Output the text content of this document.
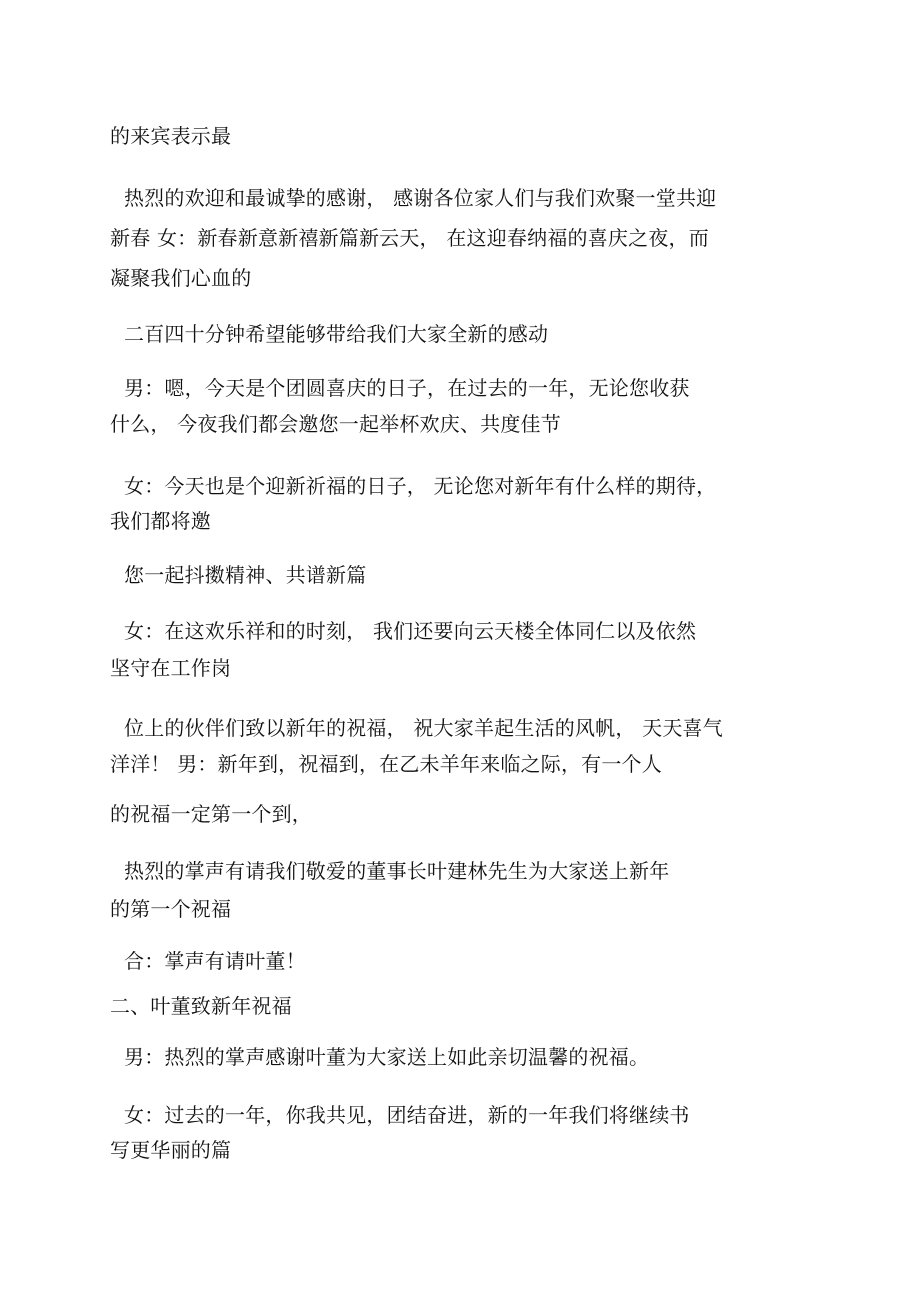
的来宾表示最

热烈的欢迎和最诚挚的感谢， 感谢各位家人们与我们欢聚一堂共迎

新春 女：新春新意新禧新篇新云天， 在这迎春纳福的喜庆之夜，而

凝聚我们心血的

二百四十分钟希望能够带给我们大家全新的感动

男：嗯，今天是个团圆喜庆的日子，在过去的一年，无论您收获

什么， 今夜我们都会邀您一起举杯欢庆、共度佳节

女：今天也是个迎新祈福的日子， 无论您对新年有什么样的期待，

我们都将邀

您一起抖擞精神、共谱新篇

女：在这欢乐祥和的时刻， 我们还要向云天楼全体同仁以及依然

坚守在工作岗

位上的伙伴们致以新年的祝福， 祝大家羊起生活的风帆， 天天喜气

洋洋！ 男：新年到，祝福到，在乙未羊年来临之际，有一个人

的祝福一定第一个到，

热烈的掌声有请我们敬爱的董事长叶建林先生为大家送上新年

的第一个祝福

合：掌声有请叶董！

二、叶董致新年祝福

男：热烈的掌声感谢叶董为大家送上如此亲切温馨的祝福。

女：过去的一年，你我共见，团结奋进，新的一年我们将继续书

写更华丽的篇
